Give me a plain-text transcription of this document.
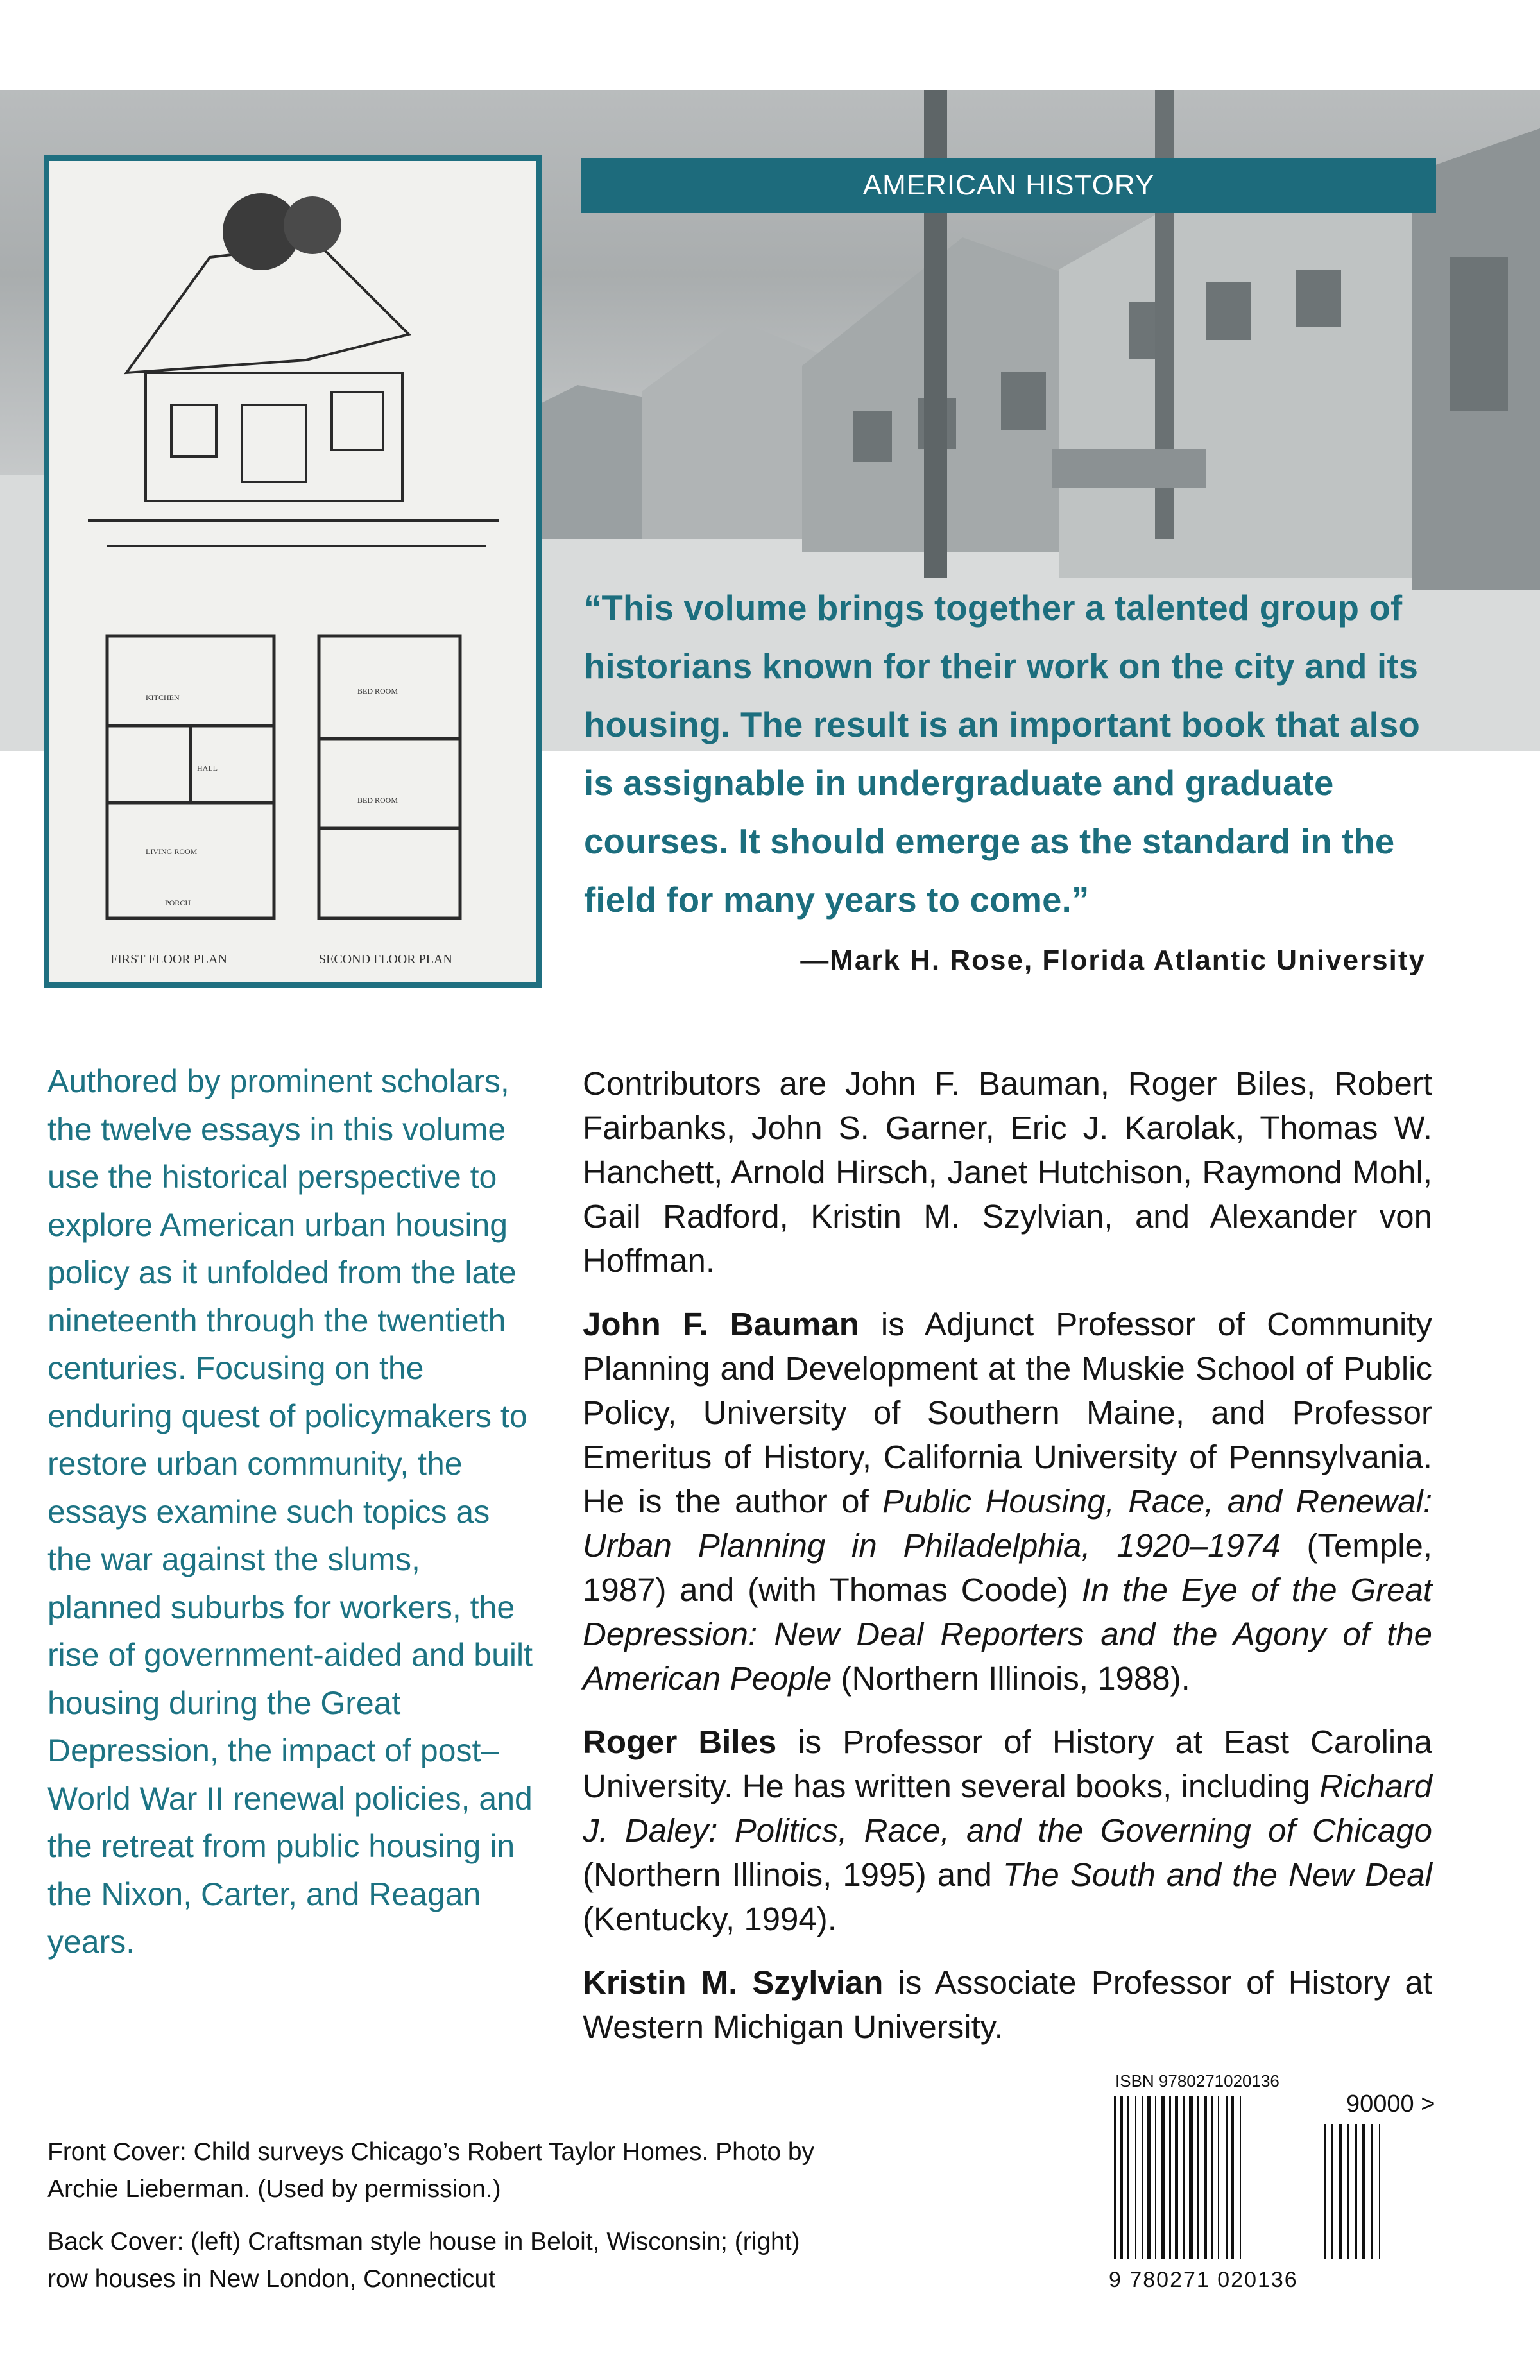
KITCHEN
HALL
LIVING ROOM
PORCH
BED ROOM
BED ROOM
FIRST FLOOR PLAN	SECOND FLOOR PLAN
AMERICAN HISTORY

“This volume brings together a talented group of historians known for their work on the city and its housing. The result is an important book that also is assignable in undergraduate and graduate courses. It should emerge as the standard in the field for many years to come.”

—Mark H. Rose, Florida Atlantic University

Authored by prominent scholars, the twelve essays in this volume use the historical perspective to explore American urban housing policy as it unfolded from the late nineteenth through the twentieth centuries. Focusing on the enduring quest of policymakers to restore urban community, the essays examine such topics as the war against the slums, planned suburbs for workers, the rise of government-aided and built housing during the Great Depression, the impact of post–World War II renewal policies, and the retreat from public housing in the Nixon, Carter, and Reagan years.

Contributors are John F. Bauman, Roger Biles, Robert Fairbanks, John S. Garner, Eric J. Karolak, Thomas W. Hanchett, Arnold Hirsch, Janet Hutchison, Raymond Mohl, Gail Radford, Kristin M. Szylvian, and Alexander von Hoffman.

John F. Bauman is Adjunct Professor of Community Planning and Development at the Muskie School of Public Policy, University of Southern Maine, and Professor Emeritus of History, California University of Pennsylvania. He is the author of Public Housing, Race, and Renewal: Urban Planning in Philadelphia, 1920–1974 (Temple, 1987) and (with Thomas Coode) In the Eye of the Great Depression: New Deal Reporters and the Agony of the American People (Northern Illinois, 1988).

Roger Biles is Professor of History at East Carolina University. He has written several books, including Richard J. Daley: Politics, Race, and the Governing of Chicago (Northern Illinois, 1995) and The South and the New Deal (Kentucky, 1994).

Kristin M. Szylvian is Associate Professor of History at Western Michigan University.

Front Cover: Child surveys Chicago’s Robert Taylor Homes. Photo by Archie Lieberman. (Used by permission.)

Back Cover: (left) Craftsman style house in Beloit, Wisconsin; (right) row houses in New London, Connecticut

ISBN 9780271020136
90000 >
9 780271 020136
